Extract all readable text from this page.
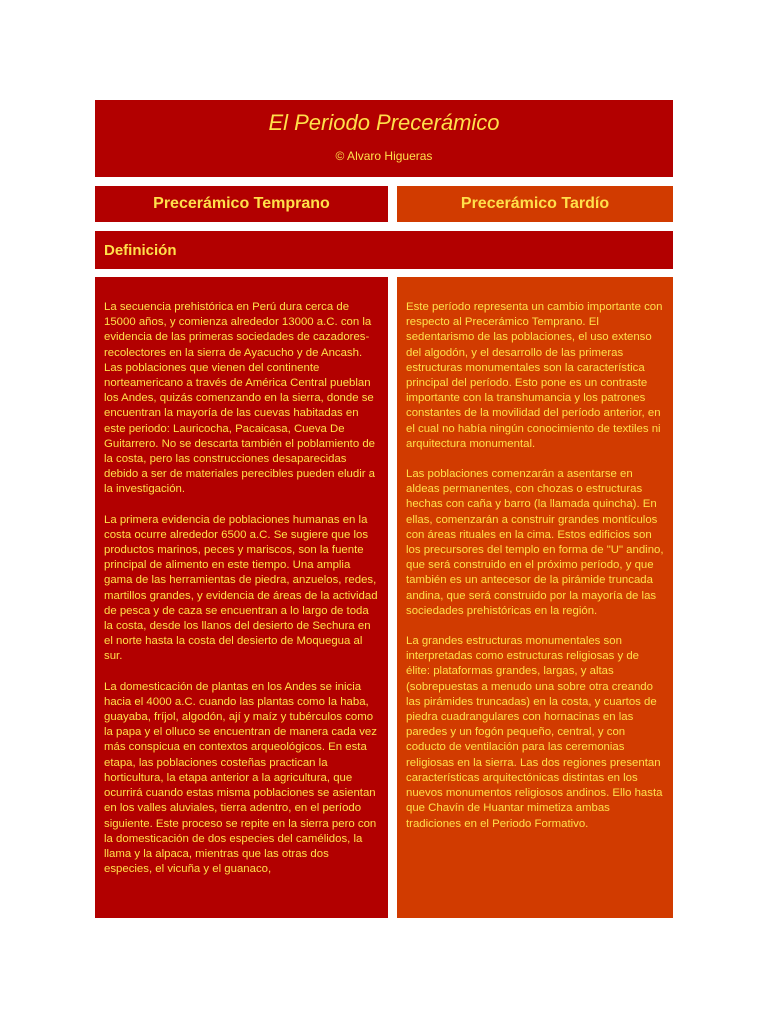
El Periodo Precerámico
© Alvaro Higueras
Precerámico Temprano	Precerámico Tardío
Definición

La secuencia prehistórica en Perú dura cerca de 15000 años, y comienza alrededor 13000 a.C. con la evidencia de las primeras sociedades de cazadores-recolectores en la sierra de Ayacucho y de Ancash. Las poblaciones que vienen del continente norteamericano a través de América Central pueblan los Andes, quizás comenzando en la sierra, donde se encuentran la mayoría de las cuevas habitadas en este periodo: Lauricocha, Pacaicasa, Cueva De Guitarrero. No se descarta también el poblamiento de la costa, pero las construcciones desaparecidas debido a ser de materiales perecibles pueden eludir a la investigación.

La primera evidencia de poblaciones humanas en la costa ocurre alrededor 6500 a.C. Se sugiere que los productos marinos, peces y mariscos, son la fuente principal de alimento en este tiempo. Una amplia gama de las herramientas de piedra, anzuelos, redes, martillos grandes, y evidencia de áreas de la actividad de pesca y de caza se encuentran a lo largo de toda la costa, desde los llanos del desierto de Sechura en el norte hasta la costa del desierto de Moquegua al sur.

La domesticación de plantas en los Andes se inicia hacia el 4000 a.C. cuando las plantas como la haba, guayaba, fríjol, algodón, ají y maíz y tubérculos como la papa y el olluco se encuentran de manera cada vez más conspicua en contextos arqueológicos. En esta etapa, las poblaciones costeñas practican la horticultura, la etapa anterior a la agricultura, que ocurrirá cuando estas misma poblaciones se asientan en los valles aluviales, tierra adentro, en el período siguiente. Este proceso se repite en la sierra pero con la domesticación de dos especies del camélidos, la llama y la alpaca, mientras que las otras dos especies, el vicuña y el guanaco,

Este período representa un cambio importante con respecto al Precerámico Temprano. El sedentarismo de las poblaciones, el uso extenso del algodón, y el desarrollo de las primeras estructuras monumentales son la característica principal del período. Esto pone es un contraste importante con la transhumancia y los patrones constantes de la movilidad del período anterior, en el cual no había ningún conocimiento de textiles ni arquitectura monumental.

Las poblaciones comenzarán a asentarse en aldeas permanentes, con chozas o estructuras hechas con caña y barro (la llamada quincha). En ellas, comenzarán a construir grandes montículos con áreas rituales en la cima. Estos edificios son los precursores del templo en forma de "U" andino, que será construido en el próximo período, y que también es un antecesor de la pirámide truncada andina, que será construido por la mayoría de las sociedades prehistóricas en la región.

La grandes estructuras monumentales son interpretadas como estructuras religiosas y de élite: plataformas grandes, largas, y altas (sobrepuestas a menudo una sobre otra creando las pirámides truncadas) en la costa, y cuartos de piedra cuadrangulares con hornacinas en las paredes y un fogón pequeño, central, y con coducto de ventilación para las ceremonias religiosas en la sierra. Las dos regiones presentan características arquitectónicas distintas en los nuevos monumentos religiosos andinos. Ello hasta que Chavín de Huantar mimetiza ambas tradiciones en el Periodo Formativo.
